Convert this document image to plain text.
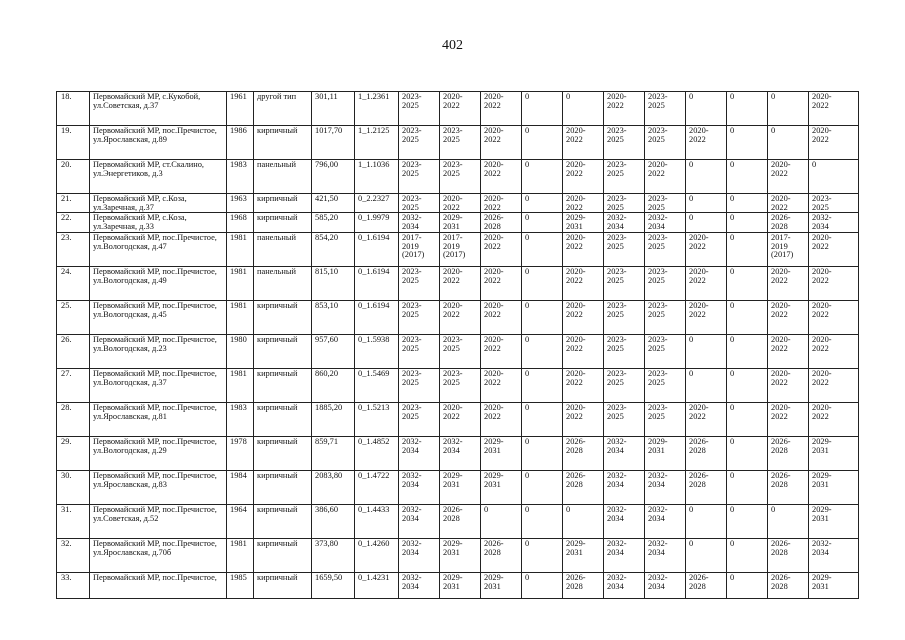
402
18.	Первомайский МР, с.Кукобой, ул.Советская, д.37	1961	другой тип	301,11	1_1.2361	2023-
2025	2020-
2022	2020-
2022	0	0	2020-
2022	2023-
2025	0	0	0	2020-
2022
19.	Первомайский МР, пос.Пречистое, ул.Ярославская, д.89	1986	кирпичный	1017,70	1_1.2125	2023-
2025	2023-
2025	2020-
2022	0	2020-
2022	2023-
2025	2023-
2025	2020-
2022	0	0	2020-
2022
20.	Первомайский МР, ст.Скалино, ул.Энергетиков, д.3	1983	панельный	796,00	1_1.1036	2023-
2025	2023-
2025	2020-
2022	0	2020-
2022	2023-
2025	2020-
2022	0	0	2020-
2022	0
21.	Первомайский МР, с.Коза, ул.Заречная, д.37	1963	кирпичный	421,50	0_2.2327	2023-
2025	2020-
2022	2020-
2022	0	2020-
2022	2023-
2025	2023-
2025	0	0	2020-
2022	2023-
2025
22.	Первомайский МР, с.Коза, ул.Заречная, д.33	1968	кирпичный	585,20	0_1.9979	2032-
2034	2029-
2031	2026-
2028	0	2029-
2031	2032-
2034	2032-
2034	0	0	2026-
2028	2032-
2034
23.	Первомайский МР, пос.Пречистое, ул.Вологодская, д.47	1981	панельный	854,20	0_1.6194	2017-
2019
(2017)	2017-
2019
(2017)	2020-
2022	0	2020-
2022	2023-
2025	2023-
2025	2020-
2022	0	2017-
2019
(2017)	2020-
2022
24.	Первомайский МР, пос.Пречистое, ул.Вологодская, д.49	1981	панельный	815,10	0_1.6194	2023-
2025	2020-
2022	2020-
2022	0	2020-
2022	2023-
2025	2023-
2025	2020-
2022	0	2020-
2022	2020-
2022
25.	Первомайский МР, пос.Пречистое, ул.Вологодская, д.45	1981	кирпичный	853,10	0_1.6194	2023-
2025	2020-
2022	2020-
2022	0	2020-
2022	2023-
2025	2023-
2025	2020-
2022	0	2020-
2022	2020-
2022
26.	Первомайский МР, пос.Пречистое, ул.Вологодская, д.23	1980	кирпичный	957,60	0_1.5938	2023-
2025	2023-
2025	2020-
2022	0	2020-
2022	2023-
2025	2023-
2025	0	0	2020-
2022	2020-
2022
27.	Первомайский МР, пос.Пречистое, ул.Вологодская, д.37	1981	кирпичный	860,20	0_1.5469	2023-
2025	2023-
2025	2020-
2022	0	2020-
2022	2023-
2025	2023-
2025	0	0	2020-
2022	2020-
2022
28.	Первомайский МР, пос.Пречистое, ул.Ярославская, д.81	1983	кирпичный	1885,20	0_1.5213	2023-
2025	2020-
2022	2020-
2022	0	2020-
2022	2023-
2025	2023-
2025	2020-
2022	0	2020-
2022	2020-
2022
29.	Первомайский МР, пос.Пречистое, ул.Вологодская, д.29	1978	кирпичный	859,71	0_1.4852	2032-
2034	2032-
2034	2029-
2031	0	2026-
2028	2032-
2034	2029-
2031	2026-
2028	0	2026-
2028	2029-
2031
30.	Первомайский МР, пос.Пречистое, ул.Ярославская, д.83	1984	кирпичный	2083,80	0_1.4722	2032-
2034	2029-
2031	2029-
2031	0	2026-
2028	2032-
2034	2032-
2034	2026-
2028	0	2026-
2028	2029-
2031
31.	Первомайский МР, пос.Пречистое, ул.Советская, д.52	1964	кирпичный	386,60	0_1.4433	2032-
2034	2026-
2028	0	0	0	2032-
2034	2032-
2034	0	0	0	2029-
2031
32.	Первомайский МР, пос.Пречистое, ул.Ярославская, д.70б	1981	кирпичный	373,80	0_1.4260	2032-
2034	2029-
2031	2026-
2028	0	2029-
2031	2032-
2034	2032-
2034	0	0	2026-
2028	2032-
2034
33.	Первомайский МР, пос.Пречистое,	1985	кирпичный	1659,50	0_1.4231	2032-
2034	2029-
2031	2029-
2031	0	2026-
2028	2032-
2034	2032-
2034	2026-
2028	0	2026-
2028	2029-
2031
